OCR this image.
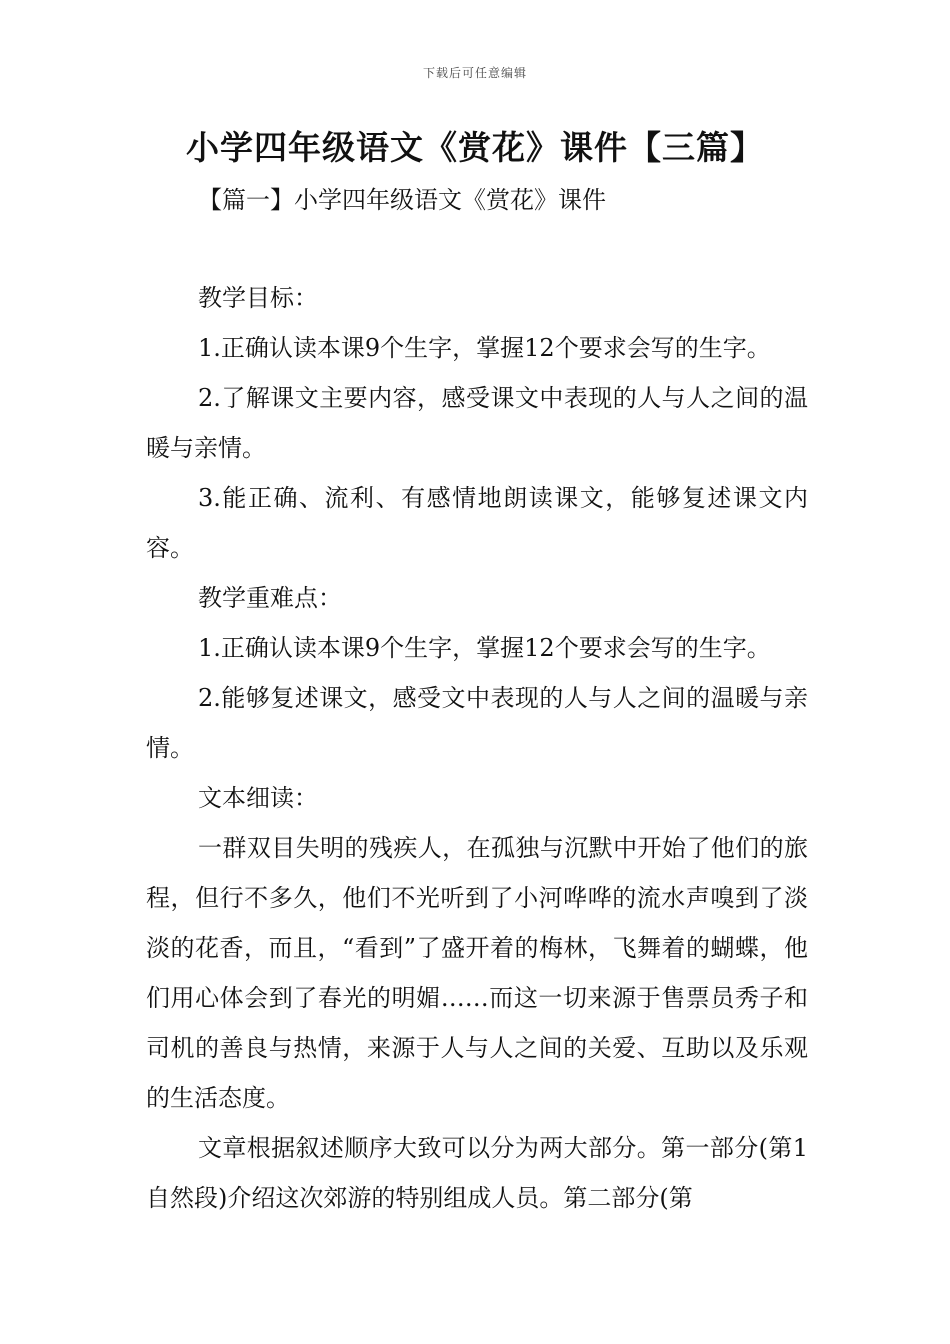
下载后可任意编辑
小学四年级语文《赏花》课件【三篇】
【篇一】小学四年级语文《赏花》课件

教学目标：

1.正确认读本课9个生字，掌握12个要求会写的生字。

2.了解课文主要内容，感受课文中表现的人与人之间的温暖与亲情。

3.能正确、流利、有感情地朗读课文，能够复述课文内容。

教学重难点：

1.正确认读本课9个生字，掌握12个要求会写的生字。

2.能够复述课文，感受文中表现的人与人之间的温暖与亲情。

文本细读：

一群双目失明的残疾人，在孤独与沉默中开始了他们的旅程，但行不多久，他们不光听到了小河哗哗的流水声嗅到了淡淡的花香，而且，“看到”了盛开着的梅林，飞舞着的蝴蝶，他们用心体会到了春光的明媚……而这一切来源于售票员秀子和司机的善良与热情，来源于人与人之间的关爱、互助以及乐观的生活态度。

文章根据叙述顺序大致可以分为两大部分。第一部分(第1自然段)介绍这次郊游的特别组成人员。第二部分(第
